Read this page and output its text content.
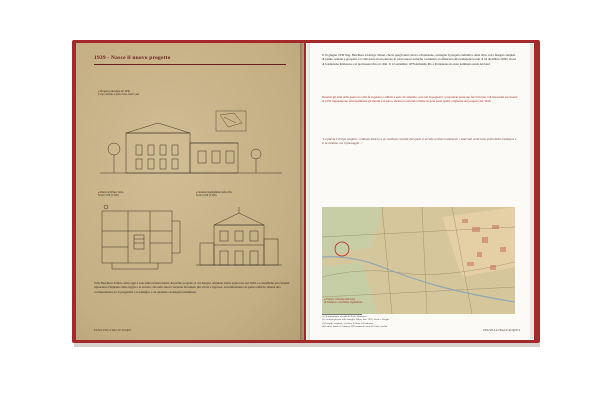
1939 - Nasce il nuovo progetto
● Progetto principale del 1939
Corpo centrale e piano terra, fianco sud
● Pianta del Piano Terra,
Scala 1:100 (1/100)
● Sezione longitudinale della villa
Scala 1:100 (1/100)

Villa Baschiera Tallon com'è oggi è nata dalla rielaborazione del primo progetto, il cui disegno originale venne approvato nel 1939. Le modifiche più evidenti riguardano l'impianto della loggia e la torretta, che nella nuova versione divennero più sobrie e rigorose. A testimonianza di questo edificio rimane una corrispondenza tra il progettista e la famiglia, e un quaderno di disegni preliminari.

8 UNA VILLA TRA LE ACQUE

Il 16 giugno 1939 l'ing. Baschiera ad Artigo Tallon, che in quegli anni viveva a Pordenone, consegnò il progetto definitivo della villa, con i disegni completi di piante, sezioni e prospetti. La villa nasce in un periodo in cui le nuove tecniche costruttive si affiancano alla tradizione locale. Il 16 dicembre 1939 i lavori di fondazione iniziarono e si protrassero fino al 1941. Il 12 settembre 1978 Armando Pio a Pordenone era stato nominato erede dei beni.

Durante gli anni della guerra la villa fu requisita e adibita a sede di comando; solo nel dopoguerra i proprietari poterono farvi ritorno. Gli interventi successivi al 1950 riguardarono principalmente gli interni e il parco, mentre la struttura rimase in gran parte quella originaria del progetto del 1939.

"La pianta è di tipo semplice, ordinata intorno a un vestibolo centrale dal quale si accede ai diversi ambienti; i materiali scelti sono quelli della tradizione e si accordano con il paesaggio..."

(1) Testimonianza raccolta da Paolo Baschiera.
(2) Archivio privato della famiglia Tallon, fasc. 1939, lettere e disegni.
(3) Progetto originale, Archivio di Stato di Pordenone.
(4) Lettera datata 16 febbraio 1939 scritta da Arch. Di Carlo, inedita.
UNA VILLA TRA LE ACQUE 9
● Estratto catastale della zona
di Tolmezzo e del fiume Tagliamento
